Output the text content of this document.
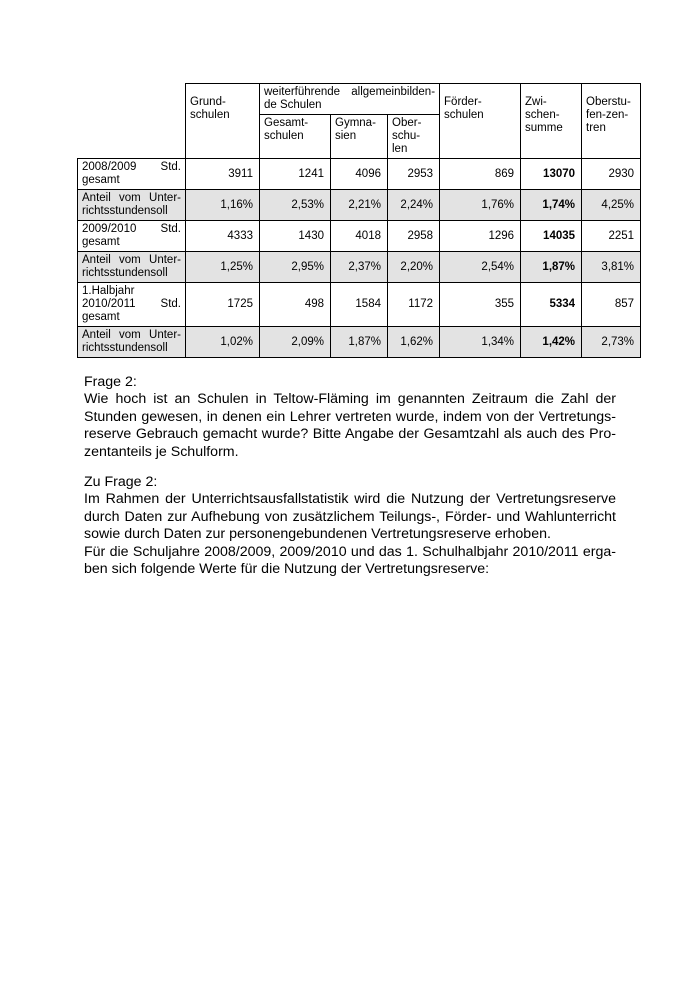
	Grund-
schulen	weiterführende allgemeinbilden-
de Schulen			Förder-
schulen	Zwi-
schen-
summe	Oberstu-
fen-zen-
tren
		Gesamt-
schulen	Gymna-
sien	Ober-
schu-
len			

2008/2009 Std.
gesamt	3911	1241	4096	2953	869	13070	2930

Anteil vom Unter-
richtsstundensoll	1,16%	2,53%	2,21%	2,24%	1,76%	1,74%	4,25%

2009/2010 Std.
gesamt	4333	1430	4018	2958	1296	14035	2251

Anteil vom Unter-
richtsstundensoll	1,25%	2,95%	2,37%	2,20%	2,54%	1,87%	3,81%

1.Halbjahr
2010/2011 Std.
gesamt	1725	498	1584	1172	355	5334	857

Anteil vom Unter-
richtsstundensoll	1,02%	2,09%	1,87%	1,62%	1,34%	1,42%	2,73%

Frage 2:

Wie hoch ist an Schulen in Teltow-Fläming im genannten Zeitraum die Zahl der
Stunden gewesen, in denen ein Lehrer vertreten wurde, indem von der Vertretungs-
reserve Gebrauch gemacht wurde? Bitte Angabe der Gesamtzahl als auch des Pro-
zentanteils je Schulform.

Zu Frage 2:

Im Rahmen der Unterrichtsausfallstatistik wird die Nutzung der Vertretungsreserve
durch Daten zur Aufhebung von zusätzlichem Teilungs-, Förder- und Wahlunterricht
sowie durch Daten zur personengebundenen Vertretungsreserve erhoben.
Für die Schuljahre 2008/2009, 2009/2010 und das 1. Schulhalbjahr 2010/2011 erga-
ben sich folgende Werte für die Nutzung der Vertretungsreserve:
